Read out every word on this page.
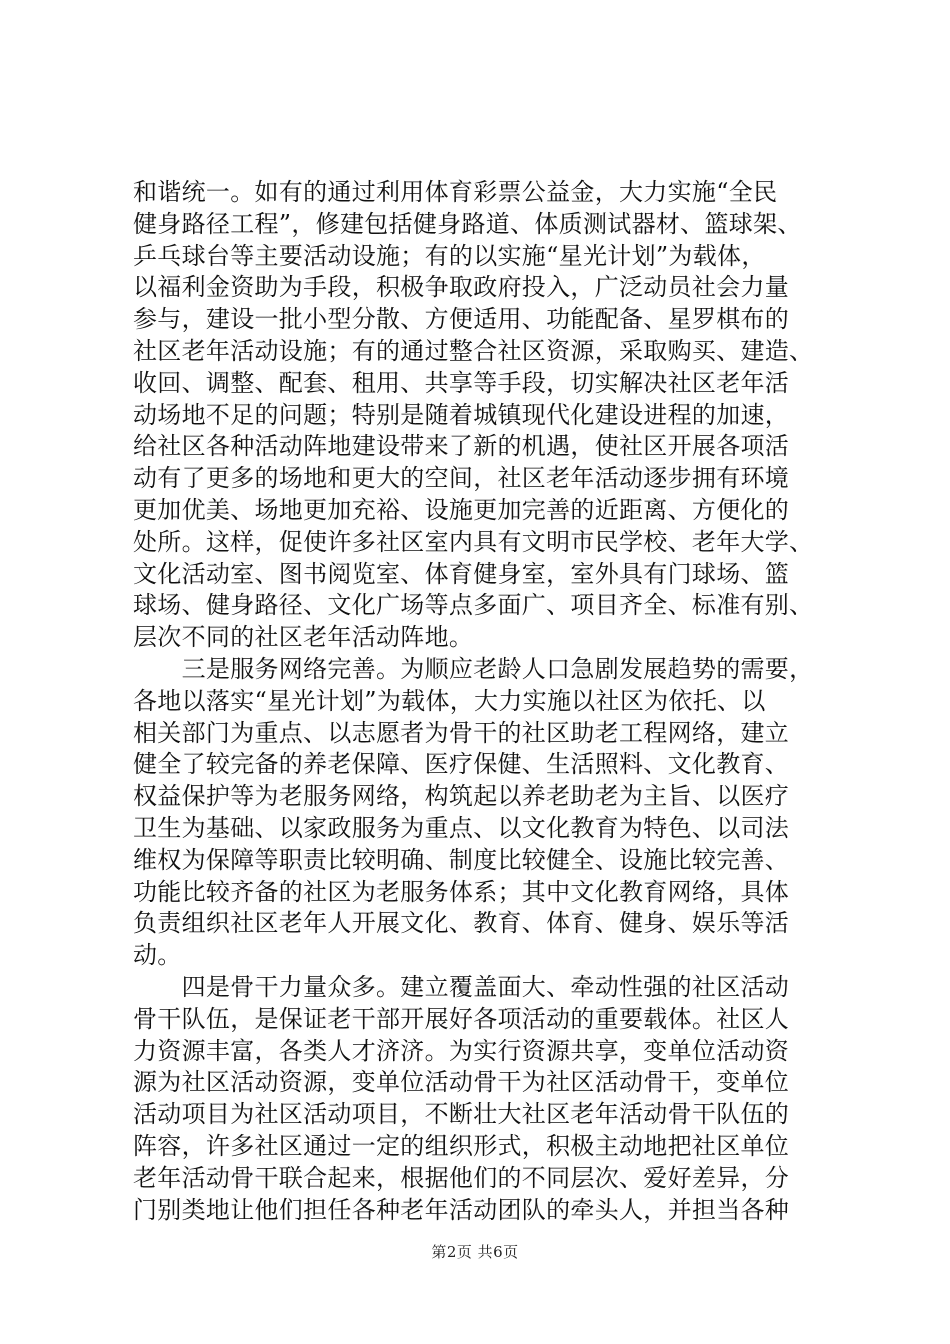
和谐统一。如有的通过利用体育彩票公益金，大力实施“全民
健身路径工程”，修建包括健身路道、体质测试器材、篮球架、
乒乓球台等主要活动设施；有的以实施“星光计划”为载体，
以福利金资助为手段，积极争取政府投入，广泛动员社会力量
参与，建设一批小型分散、方便适用、功能配备、星罗棋布的
社区老年活动设施；有的通过整合社区资源，采取购买、建造、
收回、调整、配套、租用、共享等手段，切实解决社区老年活
动场地不足的问题；特别是随着城镇现代化建设进程的加速，
给社区各种活动阵地建设带来了新的机遇，使社区开展各项活
动有了更多的场地和更大的空间，社区老年活动逐步拥有环境
更加优美、场地更加充裕、设施更加完善的近距离、方便化的
处所。这样，促使许多社区室内具有文明市民学校、老年大学、
文化活动室、图书阅览室、体育健身室，室外具有门球场、篮
球场、健身路径、文化广场等点多面广、项目齐全、标准有别、
层次不同的社区老年活动阵地。
　　三是服务网络完善。为顺应老龄人口急剧发展趋势的需要，
各地以落实“星光计划”为载体，大力实施以社区为依托、以
相关部门为重点、以志愿者为骨干的社区助老工程网络，建立
健全了较完备的养老保障、医疗保健、生活照料、文化教育、
权益保护等为老服务网络，构筑起以养老助老为主旨、以医疗
卫生为基础、以家政服务为重点、以文化教育为特色、以司法
维权为保障等职责比较明确、制度比较健全、设施比较完善、
功能比较齐备的社区为老服务体系；其中文化教育网络，具体
负责组织社区老年人开展文化、教育、体育、健身、娱乐等活
动。
　　四是骨干力量众多。建立覆盖面大、牵动性强的社区活动
骨干队伍，是保证老干部开展好各项活动的重要载体。社区人
力资源丰富，各类人才济济。为实行资源共享，变单位活动资
源为社区活动资源，变单位活动骨干为社区活动骨干，变单位
活动项目为社区活动项目，不断壮大社区老年活动骨干队伍的
阵容，许多社区通过一定的组织形式，积极主动地把社区单位
老年活动骨干联合起来，根据他们的不同层次、爱好差异，分
门别类地让他们担任各种老年活动团队的牵头人，并担当各种
第2页 共6页
